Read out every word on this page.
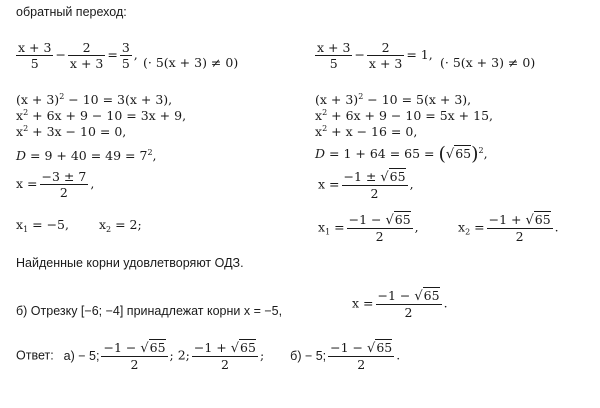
обратный переход:
$\frac{x + 3}{5} - \frac{2}{x + 3} = \frac{3}{5}$ ,
(· 5(x + 3) ≠ 0)
$(x + 3)^2 - 10 = 3(x + 3)$,
$x^2 + 6x + 9 - 10 = 3x + 9$,
$x^2 + 3x - 10 = 0$,
$D = 9 + 40 = 49 = 7^2$,
$x = \frac{-3 \pm 7}{2}$ ,
$x_1 = -5$, $x_2 = 2$;
$\frac{x + 3}{5} - \frac{2}{x + 3} = 1$,
(· 5(x + 3) ≠ 0)
$(x + 3)^2 - 10 = 5(x + 3)$,
$x^2 + 6x + 9 - 10 = 5x + 15$,
$x^2 + x - 16 = 0$,
$D = 1 + 64 = 65 = (√65)^2$,
$x = \frac{-1 \pm √65}{2}$ ,
$x_1 = \frac{-1 - √65}{2}$ ,	$x_2 = \frac{-1 + √65}{2}$ .
Найденные корни удовлетворяют ОДЗ.
б) Отрезку [−6; −4] принадлежат корни x = −5,
$x = \frac{-1 - √65}{2}$ .
Ответ: а) − 5; $\frac{-1 - √65}{2}$ ; 2; $\frac{-1 + √65}{2}$ ; б) − 5; $\frac{-1 - √65}{2}$ .
